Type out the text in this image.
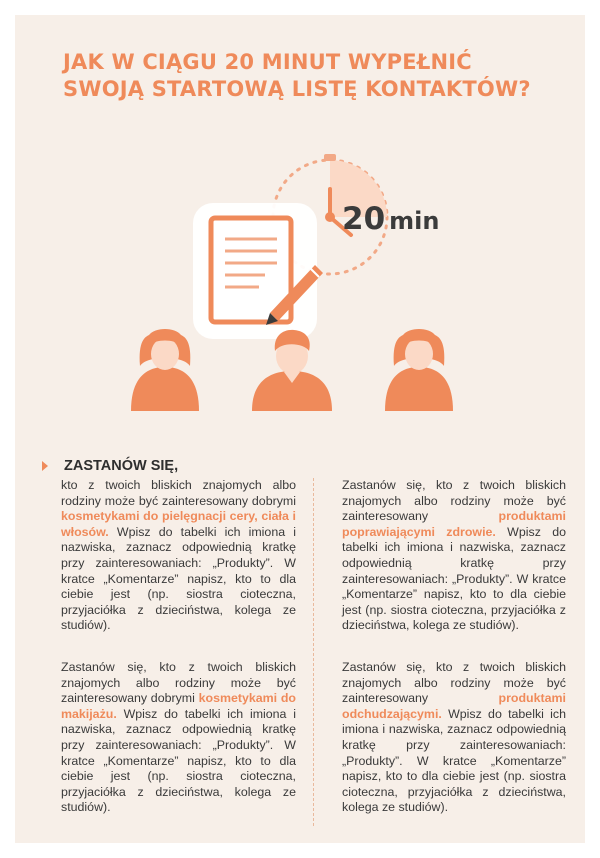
JAK W CIĄGU 20 MINUT WYPEŁNIĆ
SWOJĄ STARTOWĄ LISTĘ KONTAKTÓW?
20 min
ZASTANÓW SIĘ,

kto z twoich bliskich znajomych albo rodziny może być zainteresowany dobrymi kosmetykami do pielęgnacji cery, ciała i włosów. Wpisz do tabelki ich imiona i nazwiska, zaznacz odpowiednią kratkę przy zainteresowaniach: „Produkty”. W kratce „Komentarze” napisz, kto to dla ciebie jest (np. siostra cioteczna, przyjaciółka z dzieciństwa, kolega ze studiów).

Zastanów się, kto z twoich bliskich znajomych albo rodziny może być zainteresowany dobrymi kosmetykami do makijażu. Wpisz do tabelki ich imiona i nazwiska, zaznacz odpowiednią kratkę przy zainteresowaniach: „Produkty”. W kratce „Komentarze” napisz, kto to dla ciebie jest (np. siostra cioteczna, przyjaciółka z dzieciństwa, kolega ze studiów).

Zastanów się, kto z twoich bliskich znajomych albo rodziny może być zainteresowany produktami poprawiającymi zdrowie. Wpisz do tabelki ich imiona i nazwiska, zaznacz odpowiednią kratkę przy zainteresowaniach: „Produkty”. W kratce „Komentarze” napisz, kto to dla ciebie jest (np. siostra cioteczna, przyjaciółka z dzieciństwa, kolega ze studiów).

Zastanów się, kto z twoich bliskich znajomych albo rodziny może być zainteresowany produktami odchudzającymi. Wpisz do tabelki ich imiona i nazwiska, zaznacz odpowiednią kratkę przy zainteresowaniach: „Produkty”. W kratce „Komentarze” napisz, kto to dla ciebie jest (np. siostra cioteczna, przyjaciółka z dzieciństwa, kolega ze studiów).
